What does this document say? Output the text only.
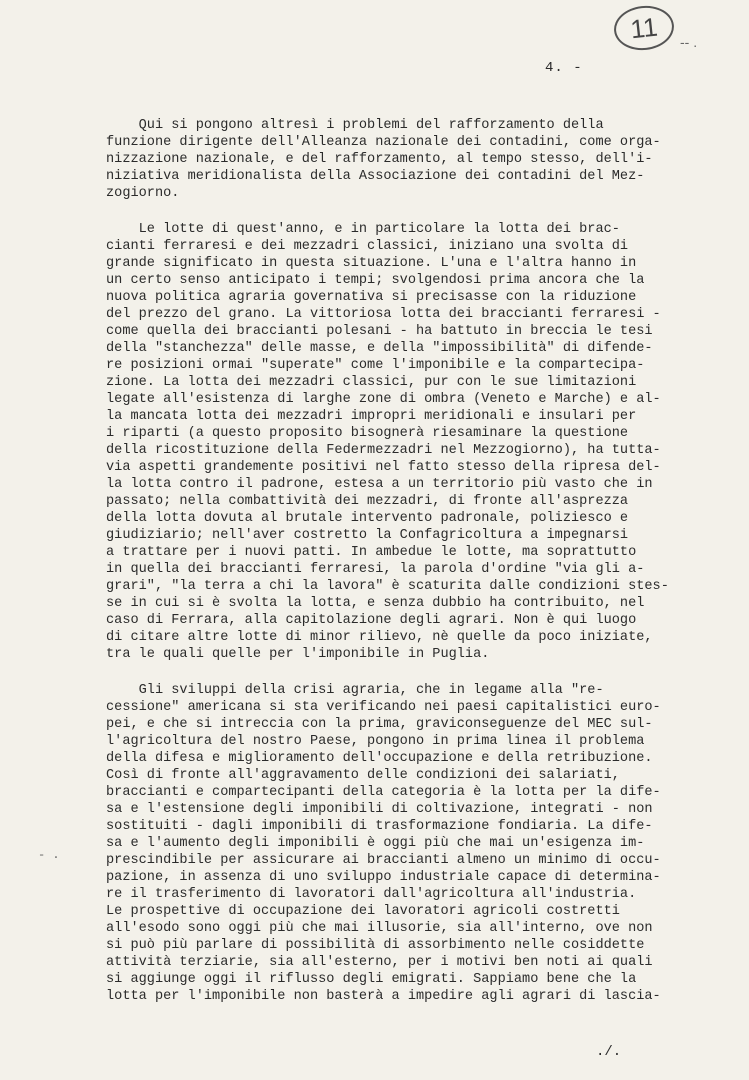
11 -- .
4. -
- .
Qui si pongono altresì i problemi del rafforzamento della
funzione dirigente dell'Alleanza nazionale dei contadini, come orga-
nizzazione nazionale, e del rafforzamento, al tempo stesso, dell'i-
niziativa meridionalista della Associazione dei contadini del Mez-
zogiorno.
Le lotte di quest'anno, e in particolare la lotta dei brac-
cianti ferraresi e dei mezzadri classici, iniziano una svolta di
grande significato in questa situazione. L'una e l'altra hanno in
un certo senso anticipato i tempi; svolgendosi prima ancora che la
nuova politica agraria governativa si precisasse con la riduzione
del prezzo del grano. La vittoriosa lotta dei braccianti ferraresi -
come quella dei braccianti polesani - ha battuto in breccia le tesi
della "stanchezza" delle masse, e della "impossibilità" di difende-
re posizioni ormai "superate" come l'imponibile e la compartecipa-
zione. La lotta dei mezzadri classici, pur con le sue limitazioni
legate all'esistenza di larghe zone di ombra (Veneto e Marche) e al-
la mancata lotta dei mezzadri impropri meridionali e insulari per
i riparti (a questo proposito bisognerà riesaminare la questione
della ricostituzione della Federmezzadri nel Mezzogiorno), ha tutta-
via aspetti grandemente positivi nel fatto stesso della ripresa del-
la lotta contro il padrone, estesa a un territorio più vasto che in
passato; nella combattività dei mezzadri, di fronte all'asprezza
della lotta dovuta al brutale intervento padronale, poliziesco e
giudiziario; nell'aver costretto la Confagricoltura a impegnarsi
a trattare per i nuovi patti. In ambedue le lotte, ma soprattutto
in quella dei braccianti ferraresi, la parola d'ordine "via gli a-
grari", "la terra a chi la lavora" è scaturita dalle condizioni stes-
se in cui si è svolta la lotta, e senza dubbio ha contribuito, nel
caso di Ferrara, alla capitolazione degli agrari. Non è qui luogo
di citare altre lotte di minor rilievo, nè quelle da poco iniziate,
tra le quali quelle per l'imponibile in Puglia.
Gli sviluppi della crisi agraria, che in legame alla "re-
cessione" americana si sta verificando nei paesi capitalistici euro-
pei, e che si intreccia con la prima, graviconseguenze del MEC sul-
l'agricoltura del nostro Paese, pongono in prima linea il problema
della difesa e miglioramento dell'occupazione e della retribuzione.
Così di fronte all'aggravamento delle condizioni dei salariati,
braccianti e compartecipanti della categoria è la lotta per la dife-
sa e l'estensione degli imponibili di coltivazione, integrati - non
sostituiti - dagli imponibili di trasformazione fondiaria. La dife-
sa e l'aumento degli imponibili è oggi più che mai un'esigenza im-
prescindibile per assicurare ai braccianti almeno un minimo di occu-
pazione, in assenza di uno sviluppo industriale capace di determina-
re il trasferimento di lavoratori dall'agricoltura all'industria.
Le prospettive di occupazione dei lavoratori agricoli costretti
all'esodo sono oggi più che mai illusorie, sia all'interno, ove non
si può più parlare di possibilità di assorbimento nelle cosiddette
attività terziarie, sia all'esterno, per i motivi ben noti ai quali
si aggiunge oggi il riflusso degli emigrati. Sappiamo bene che la
lotta per l'imponibile non basterà a impedire agli agrari di lascia-
./.
